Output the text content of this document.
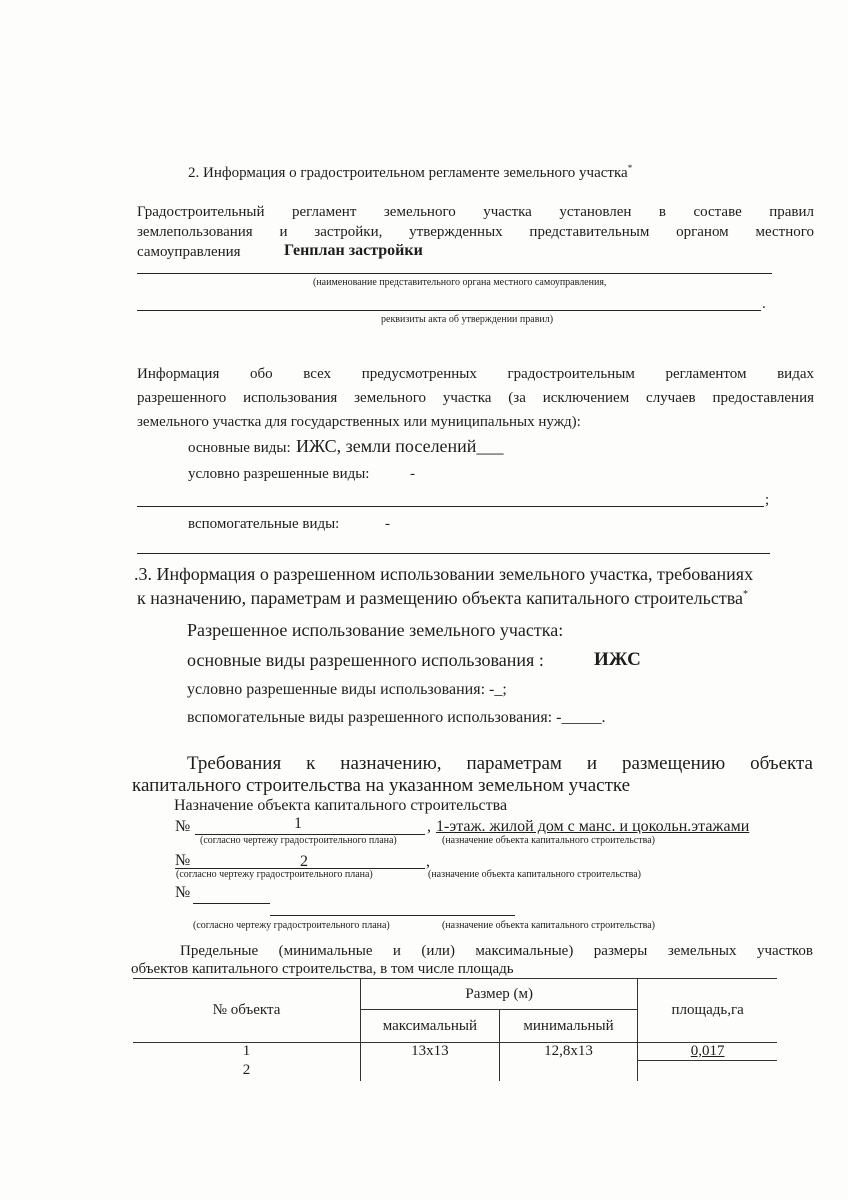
2. Информация о градостроительном регламенте земельного участка*
Градостроительный регламент земельного участка установлен в составе правил
землепользования и застройки, утвержденных представительным органом местного
самоуправления	Генплан застройки
(наименование представительного органа местного самоуправления,
.
реквизиты акта об утверждении правил)
Информация обо всех предусмотренных градостроительным регламентом видах
разрешенного использования земельного участка (за исключением случаев предоставления
земельного участка для государственных или муниципальных нужд):
основные виды: ИЖС, земли поселений___
условно разрешенные виды:	-
;
вспомогательные виды:	-
.3. Информация о разрешенном использовании земельного участка, требованиях
к назначению, параметрам и размещению объекта капитального строительства*
Разрешенное использование земельного участка:
основные виды разрешенного использования :	ИЖС
условно разрешенные виды использования: -_;
вспомогательные виды разрешенного использования: -_____.
Требования к назначению, параметрам и размещению объекта
капитального строительства на указанном земельном участке
Назначение объекта капитального строительства
№	1	, 1-этаж. жилой дом с манс. и цокольн.этажами
(согласно чертежу градостроительного плана)	(назначение объекта капитального строительства)
№	2	,
(согласно чертежу градостроительного плана)	(назначение объекта капитального строительства)
№
(согласно чертежу градостроительного плана)	(назначение объекта капитального строительства)
Предельные (минимальные и (или) максимальные) размеры земельных участков
объектов капитального строительства, в том числе площадь
№ объекта	Размер (м)		площадь,га
	максимальный	минимальный	
1	13х13	12,8х13	0,017
2			
